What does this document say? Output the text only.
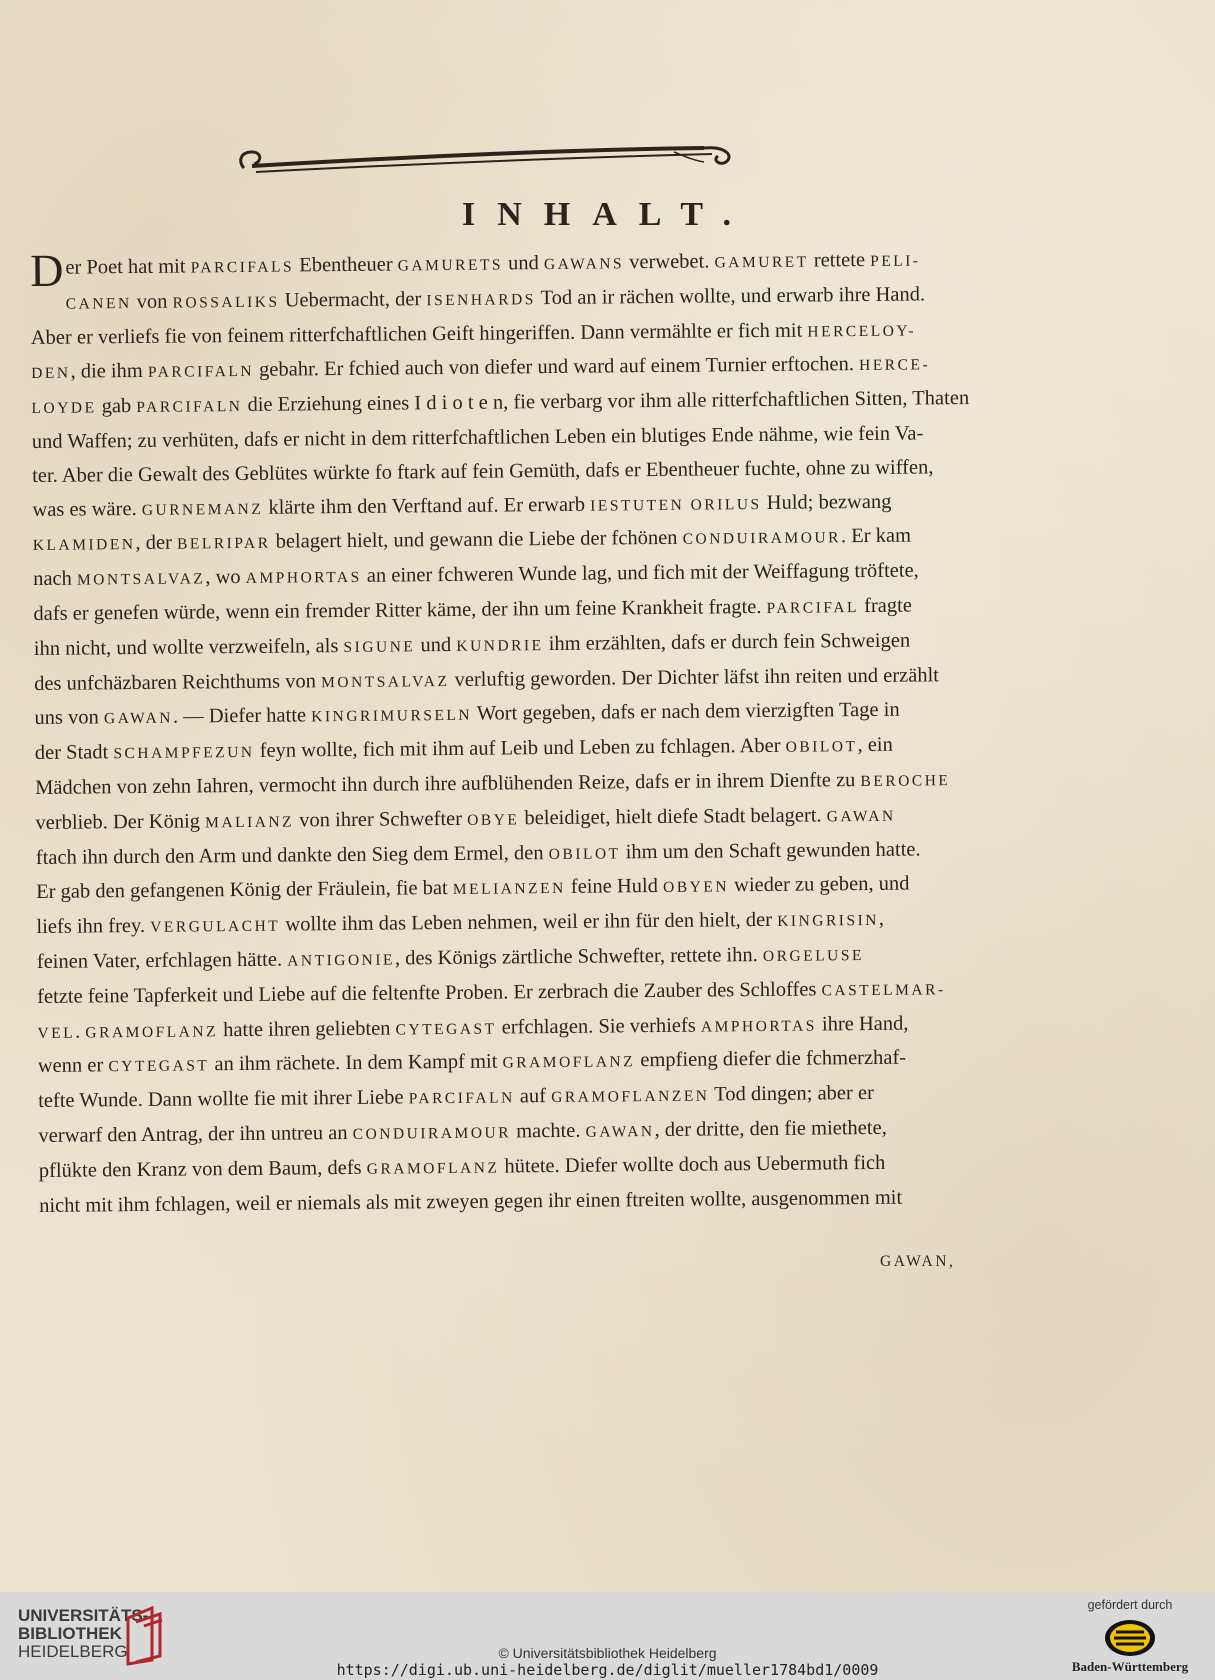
INHALT.

Der Poet hat mit PARCIFALS Ebentheuer GAMURETS und GAWANS verwebet. GAMURET rettete PELI-

CANEN von ROSSALIKS Uebermacht, der ISENHARDS Tod an ir rächen wollte, und erwarb ihre Hand.

Aber er verliefs fie von feinem ritterfchaftlichen Geift hingeriffen. Dann vermählte er fich mit HERCELOY-

DEN, die ihm PARCIFALN gebahr. Er fchied auch von diefer und ward auf einem Turnier erftochen. HERCE-

LOYDE gab PARCIFALN die Erziehung eines I d i o t e n, fie verbarg vor ihm alle ritterfchaftlichen Sitten, Thaten

und Waffen; zu verhüten, dafs er nicht in dem ritterfchaftlichen Leben ein blutiges Ende nähme, wie fein Va-

ter. Aber die Gewalt des Geblütes würkte fo ftark auf fein Gemüth, dafs er Ebentheuer fuchte, ohne zu wiffen,

was es wäre. GURNEMANZ klärte ihm den Verftand auf. Er erwarb IESTUTEN ORILUS Huld; bezwang

KLAMIDEN, der BELRIPAR belagert hielt, und gewann die Liebe der fchönen CONDUIRAMOUR. Er kam

nach MONTSALVAZ, wo AMPHORTAS an einer fchweren Wunde lag, und fich mit der Weiffagung tröftete,

dafs er genefen würde, wenn ein fremder Ritter käme, der ihn um feine Krankheit fragte. PARCIFAL fragte

ihn nicht, und wollte verzweifeln, als SIGUNE und KUNDRIE ihm erzählten, dafs er durch fein Schweigen

des unfchäzbaren Reichthums von MONTSALVAZ verluftig geworden. Der Dichter läfst ihn reiten und erzählt

uns von GAWAN. — Diefer hatte KINGRIMURSELN Wort gegeben, dafs er nach dem vierzigften Tage in

der Stadt SCHAMPFEZUN feyn wollte, fich mit ihm auf Leib und Leben zu fchlagen. Aber OBILOT, ein

Mädchen von zehn Iahren, vermocht ihn durch ihre aufblühenden Reize, dafs er in ihrem Dienfte zu BEROCHE

verblieb. Der König MALIANZ von ihrer Schwefter OBYE beleidiget, hielt diefe Stadt belagert. GAWAN

ftach ihn durch den Arm und dankte den Sieg dem Ermel, den OBILOT ihm um den Schaft gewunden hatte.

Er gab den gefangenen König der Fräulein, fie bat MELIANZEN feine Huld OBYEN wieder zu geben, und

liefs ihn frey. VERGULACHT wollte ihm das Leben nehmen, weil er ihn für den hielt, der KINGRISIN,

feinen Vater, erfchlagen hätte. ANTIGONIE, des Königs zärtliche Schwefter, rettete ihn. ORGELUSE

fetzte feine Tapferkeit und Liebe auf die feltenfte Proben. Er zerbrach die Zauber des Schloffes CASTELMAR-

VEL. GRAMOFLANZ hatte ihren geliebten CYTEGAST erfchlagen. Sie verhiefs AMPHORTAS ihre Hand,

wenn er CYTEGAST an ihm rächete. In dem Kampf mit GRAMOFLANZ empfieng diefer die fchmerzhaf-

tefte Wunde. Dann wollte fie mit ihrer Liebe PARCIFALN auf GRAMOFLANZEN Tod dingen; aber er

verwarf den Antrag, der ihn untreu an CONDUIRAMOUR machte. GAWAN, der dritte, den fie miethete,

pflükte den Kranz von dem Baum, defs GRAMOFLANZ hütete. Diefer wollte doch aus Uebermuth fich

nicht mit ihm fchlagen, weil er niemals als mit zweyen gegen ihr einen ftreiten wollte, ausgenommen mit

GAWAN,
UNIVERSITÄTS-
BIBLIOTHEK
HEIDELBERG	© Universitätsbibliothek Heidelberg
https://digi.ub.uni-heidelberg.de/diglit/mueller1784bd1/0009
gefördert durch
Baden-Württemberg
